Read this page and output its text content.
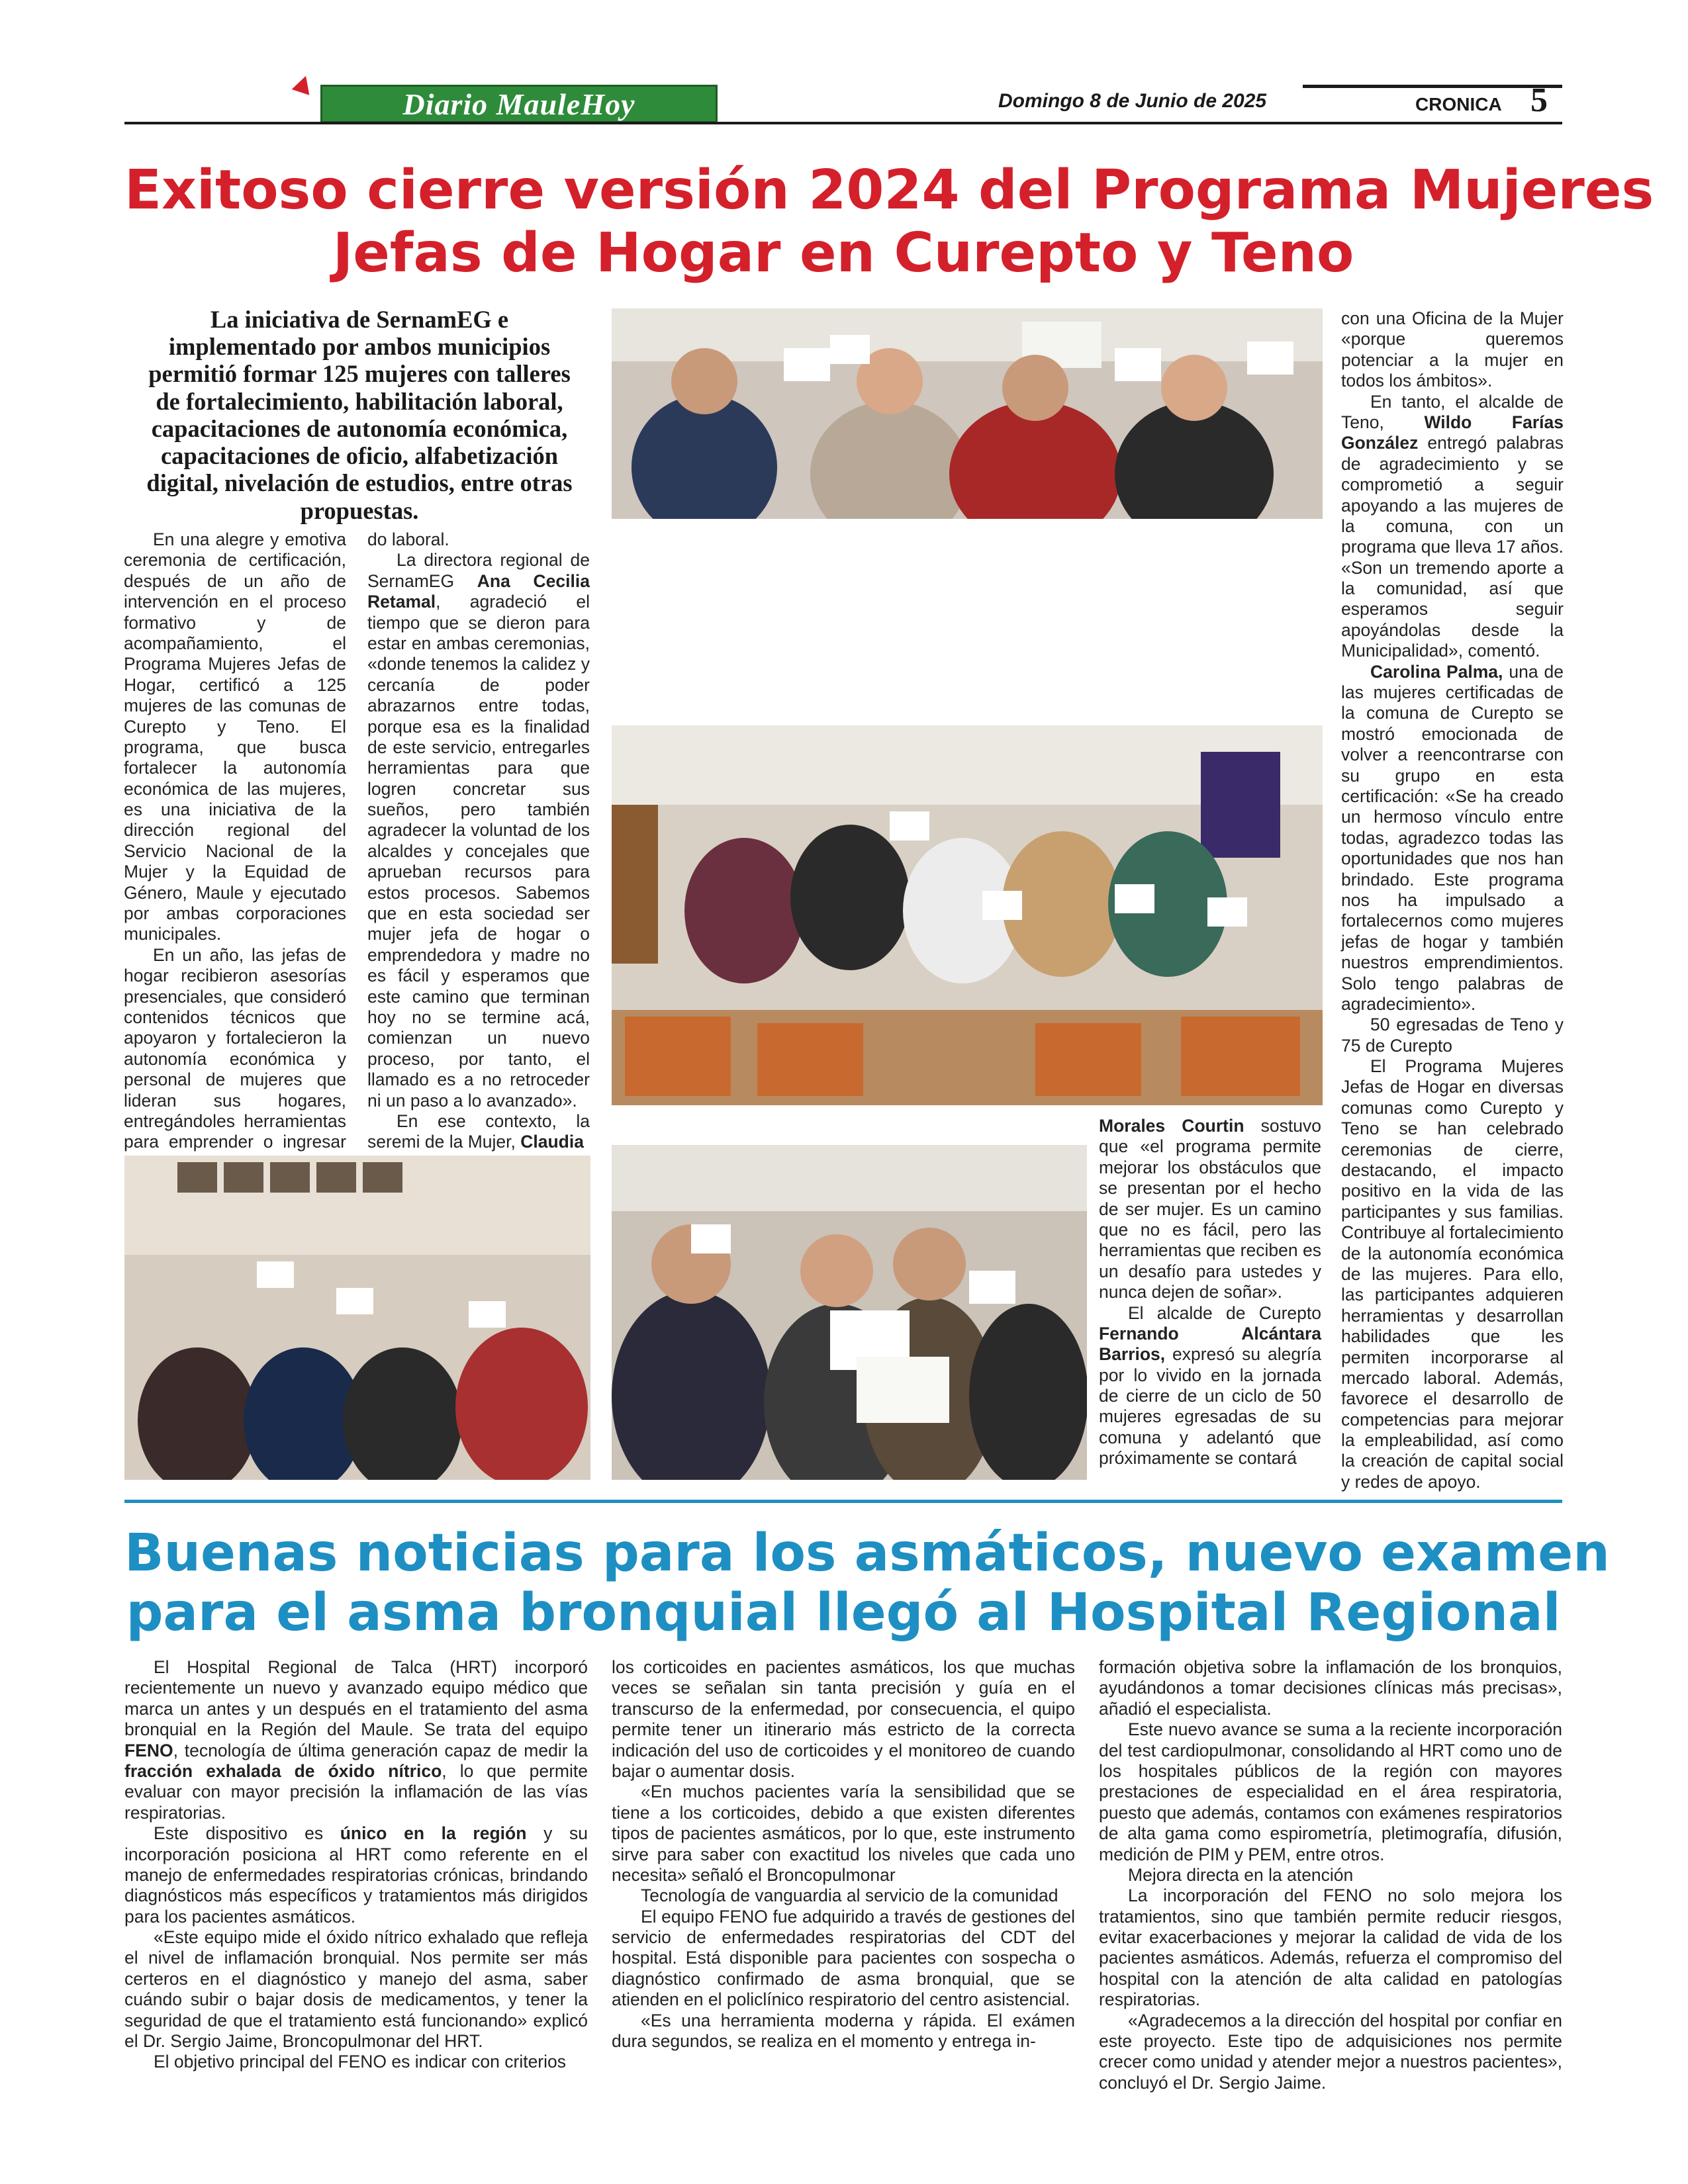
Diario MauleHoy	Domingo 8 de Junio de 2025	CRONICA 5
Exitoso cierre versión 2024 del Programa Mujeres
Jefas de Hogar en Curepto y Teno
La iniciativa de SernamEG e implementado por ambos municipios permitió formar 125 mujeres con talleres de fortalecimiento, habilitación laboral, capacitaciones de autonomía económica, capacitaciones de oficio, alfabetización digital, nivelación de estudios, entre otras propuestas.

En una alegre y emotiva ceremonia de certificación, después de un año de intervención en el proceso formativo y de acompañamiento, el Programa Mujeres Jefas de Hogar, certificó a 125 mujeres de las comunas de Curepto y Teno. El programa, que busca fortalecer la autonomía económica de las mujeres, es una iniciativa de la dirección regional del Servicio Nacional de la Mujer y la Equidad de Género, Maule y ejecutado por ambas corporaciones municipales.

En un año, las jefas de hogar recibieron asesorías presenciales, que consideró contenidos técnicos que apoyaron y fortalecieron la autonomía económica y personal de mujeres que lideran sus hogares, entregándoles herramientas para emprender o ingresar

do laboral.

La directora regional de SernamEG Ana Cecilia Retamal, agradeció el tiempo que se dieron para estar en ambas ceremonias, «donde tenemos la calidez y cercanía de poder abrazarnos entre todas, porque esa es la finalidad de este servicio, entregarles herramientas para que logren concretar sus sueños, pero también agradecer la voluntad de los alcaldes y concejales que aprueban recursos para estos procesos. Sabemos que en esta sociedad ser mujer jefa de hogar o emprendedora y madre no es fácil y esperamos que este camino que terminan hoy no se termine acá, comienzan un nuevo proceso, por tanto, el llamado es a no retroceder ni un paso a lo avanzado».

En ese contexto, la seremi de la Mujer, Claudia

Morales Courtin sostuvo que «el programa permite mejorar los obstáculos que se presentan por el hecho de ser mujer. Es un camino que no es fácil, pero las herramientas que reciben es un desafío para ustedes y nunca dejen de soñar».

El alcalde de Curepto Fernando Alcántara Barrios, expresó su alegría por lo vivido en la jornada de cierre de un ciclo de 50 mujeres egresadas de su comuna y adelantó que próximamente se contará

con una Oficina de la Mujer «porque queremos potenciar a la mujer en todos los ámbitos».

En tanto, el alcalde de Teno, Wildo Farías González entregó palabras de agradecimiento y se comprometió a seguir apoyando a las mujeres de la comuna, con un programa que lleva 17 años. «Son un tremendo aporte a la comunidad, así que esperamos seguir apoyándolas desde la Municipalidad», comentó.

Carolina Palma, una de las mujeres certificadas de la comuna de Curepto se mostró emocionada de volver a reencontrarse con su grupo en esta certificación: «Se ha creado un hermoso vínculo entre todas, agradezco todas las oportunidades que nos han brindado. Este programa nos ha impulsado a fortalecernos como mujeres jefas de hogar y también nuestros emprendimientos. Solo tengo palabras de agradecimiento».

50 egresadas de Teno y 75 de Curepto

El Programa Mujeres Jefas de Hogar en diversas comunas como Curepto y Teno se han celebrado ceremonias de cierre, destacando, el impacto positivo en la vida de las participantes y sus familias. Contribuye al fortalecimiento de la autonomía económica de las mujeres. Para ello, las participantes adquieren herramientas y desarrollan habilidades que les permiten incorporarse al mercado laboral. Además, favorece el desarrollo de competencias para mejorar la empleabilidad, así como la creación de capital social y redes de apoyo.

Buenas noticias para los asmáticos, nuevo examen
para el asma bronquial llegó al Hospital Regional

El Hospital Regional de Talca (HRT) incorporó recientemente un nuevo y avanzado equipo médico que marca un antes y un después en el tratamiento del asma bronquial en la Región del Maule. Se trata del equipo FENO, tecnología de última generación capaz de medir la fracción exhalada de óxido nítrico, lo que permite evaluar con mayor precisión la inflamación de las vías respiratorias.

Este dispositivo es único en la región y su incorporación posiciona al HRT como referente en el manejo de enfermedades respiratorias crónicas, brindando diagnósticos más específicos y tratamientos más dirigidos para los pacientes asmáticos.

«Este equipo mide el óxido nítrico exhalado que refleja el nivel de inflamación bronquial. Nos permite ser más certeros en el diagnóstico y manejo del asma, saber cuándo subir o bajar dosis de medicamentos, y tener la seguridad de que el tratamiento está funcionando» explicó el Dr. Sergio Jaime, Broncopulmonar del HRT.

El objetivo principal del FENO es indicar con criterios

los corticoides en pacientes asmáticos, los que muchas veces se señalan sin tanta precisión y guía en el transcurso de la enfermedad, por consecuencia, el quipo permite tener un itinerario más estricto de la correcta indicación del uso de corticoides y el monitoreo de cuando bajar o aumentar dosis.

«En muchos pacientes varía la sensibilidad que se tiene a los corticoides, debido a que existen diferentes tipos de pacientes asmáticos, por lo que, este instrumento sirve para saber con exactitud los niveles que cada uno necesita» señaló el Broncopulmonar

Tecnología de vanguardia al servicio de la comunidad

El equipo FENO fue adquirido a través de gestiones del servicio de enfermedades respiratorias del CDT del hospital. Está disponible para pacientes con sospecha o diagnóstico confirmado de asma bronquial, que se atienden en el policlínico respiratorio del centro asistencial.

«Es una herramienta moderna y rápida. El exámen dura segundos, se realiza en el momento y entrega in-

formación objetiva sobre la inflamación de los bronquios, ayudándonos a tomar decisiones clínicas más precisas», añadió el especialista.

Este nuevo avance se suma a la reciente incorporación del test cardiopulmonar, consolidando al HRT como uno de los hospitales públicos de la región con mayores prestaciones de especialidad en el área respiratoria, puesto que además, contamos con exámenes respiratorios de alta gama como espirometría, pletimografía, difusión, medición de PIM y PEM, entre otros.

Mejora directa en la atención

La incorporación del FENO no solo mejora los tratamientos, sino que también permite reducir riesgos, evitar exacerbaciones y mejorar la calidad de vida de los pacientes asmáticos. Además, refuerza el compromiso del hospital con la atención de alta calidad en patologías respiratorias.

«Agradecemos a la dirección del hospital por confiar en este proyecto. Este tipo de adquisiciones nos permite crecer como unidad y atender mejor a nuestros pacientes», concluyó el Dr. Sergio Jaime.
